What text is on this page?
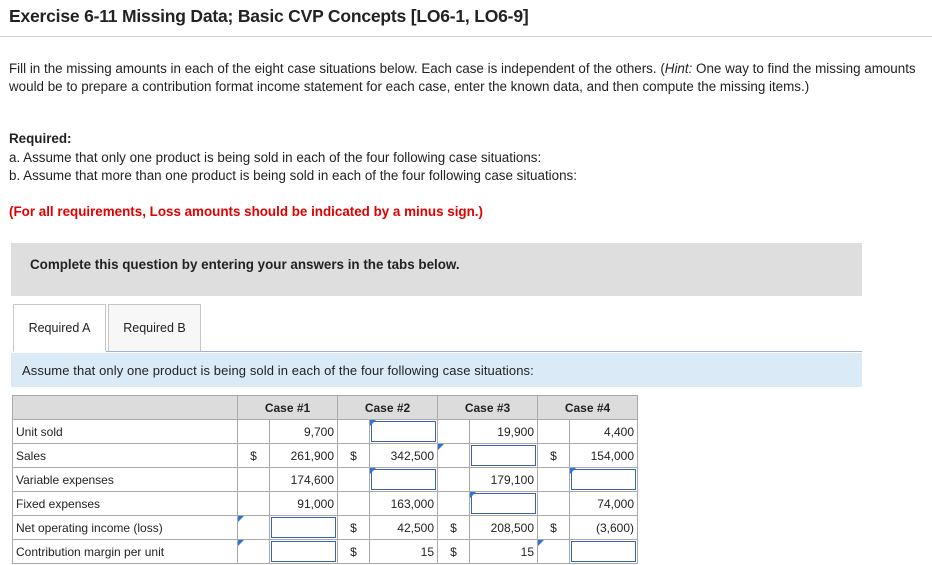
Exercise 6-11 Missing Data; Basic CVP Concepts [LO6-1, LO6-9]
Fill in the missing amounts in each of the eight case situations below. Each case is independent of the others. (Hint: One way to find the missing amounts would be to prepare a contribution format income statement for each case, enter the known data, and then compute the missing items.)
Required:
a. Assume that only one product is being sold in each of the four following case situations:
b. Assume that more than one product is being sold in each of the four following case situations:
(For all requirements, Loss amounts should be indicated by a minus sign.)
Complete this question by entering your answers in the tabs below.
Required A	Required B
Assume that only one product is being sold in each of the four following case situations:
	Case #1		Case #2		Case #3		Case #4	
Unit sold		9,700				19,900		4,400
Sales	$	261,900	$	342,500			$	154,000
Variable expenses		174,600				179,100		

Fixed expenses		91,000		163,000				74,000
Net operating income (loss)			$	42,500	$	208,500	$	(3,600)
Contribution margin per unit			$	15	$	15	
